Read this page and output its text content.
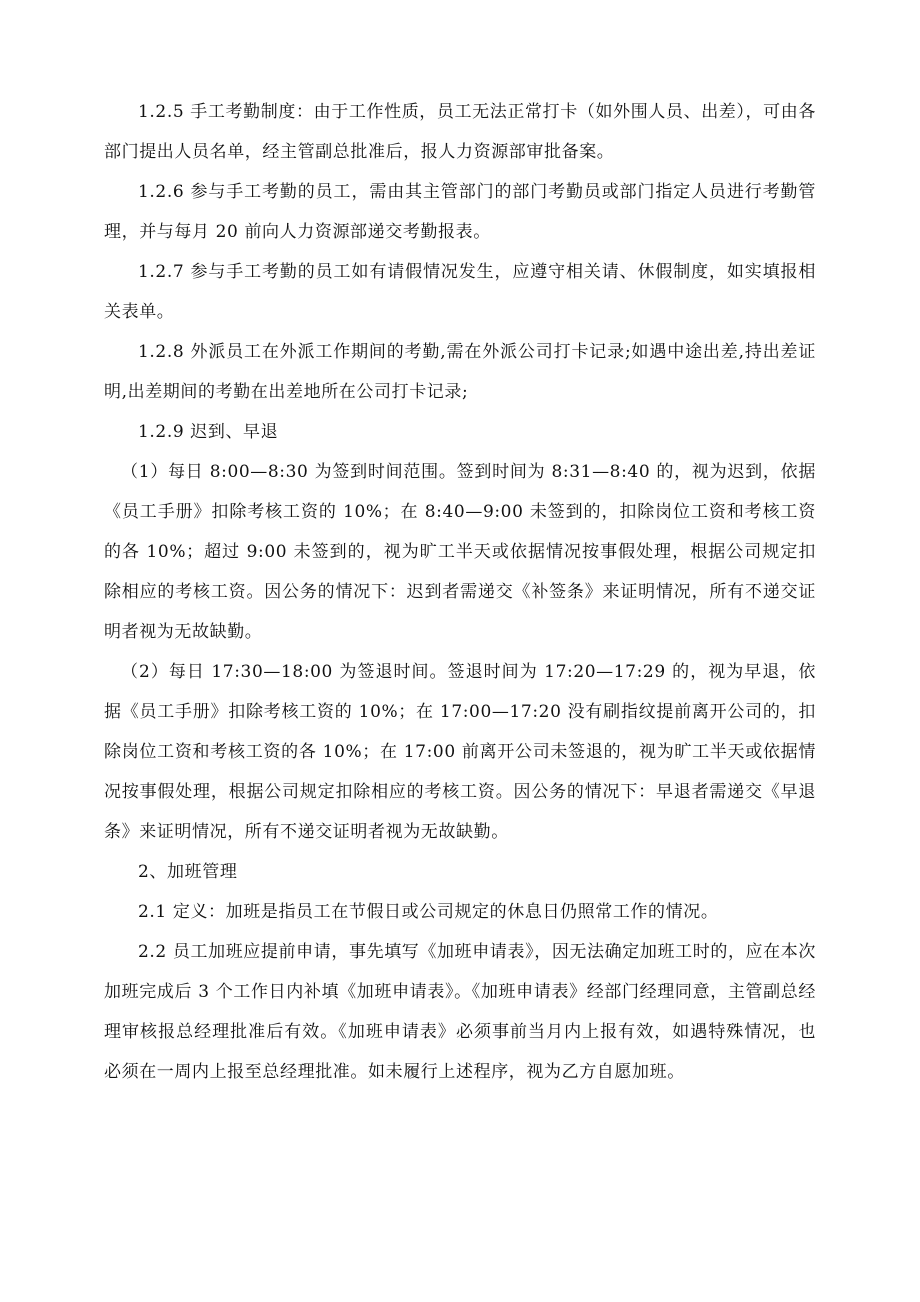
1.2.5 手工考勤制度：由于工作性质，员工无法正常打卡（如外围人员、出差），可由各部门提出人员名单，经主管副总批准后，报人力资源部审批备案。

1.2.6 参与手工考勤的员工，需由其主管部门的部门考勤员或部门指定人员进行考勤管理，并与每月 20 前向人力资源部递交考勤报表。

1.2.7 参与手工考勤的员工如有请假情况发生，应遵守相关请、休假制度，如实填报相关表单。

1.2.8 外派员工在外派工作期间的考勤,需在外派公司打卡记录;如遇中途出差,持出差证明,出差期间的考勤在出差地所在公司打卡记录;

1.2.9 迟到、早退

（1）每日 8:00—8:30 为签到时间范围。签到时间为 8:31—8:40 的，视为迟到，依据《员工手册》扣除考核工资的 10%；在 8:40—9:00 未签到的，扣除岗位工资和考核工资的各 10%；超过 9:00 未签到的，视为旷工半天或依据情况按事假处理，根据公司规定扣除相应的考核工资。因公务的情况下：迟到者需递交《补签条》来证明情况，所有不递交证明者视为无故缺勤。

（2）每日 17:30—18:00 为签退时间。签退时间为 17:20—17:29 的，视为早退，依据《员工手册》扣除考核工资的 10%；在 17:00—17:20 没有刷指纹提前离开公司的，扣除岗位工资和考核工资的各 10%；在 17:00 前离开公司未签退的，视为旷工半天或依据情况按事假处理，根据公司规定扣除相应的考核工资。因公务的情况下：早退者需递交《早退条》来证明情况，所有不递交证明者视为无故缺勤。

2、加班管理

2.1 定义：加班是指员工在节假日或公司规定的休息日仍照常工作的情况。

2.2 员工加班应提前申请，事先填写《加班申请表》，因无法确定加班工时的，应在本次加班完成后 3 个工作日内补填《加班申请表》。《加班申请表》经部门经理同意，主管副总经理审核报总经理批准后有效。《加班申请表》必须事前当月内上报有效，如遇特殊情况，也必须在一周内上报至总经理批准。如未履行上述程序，视为乙方自愿加班。
